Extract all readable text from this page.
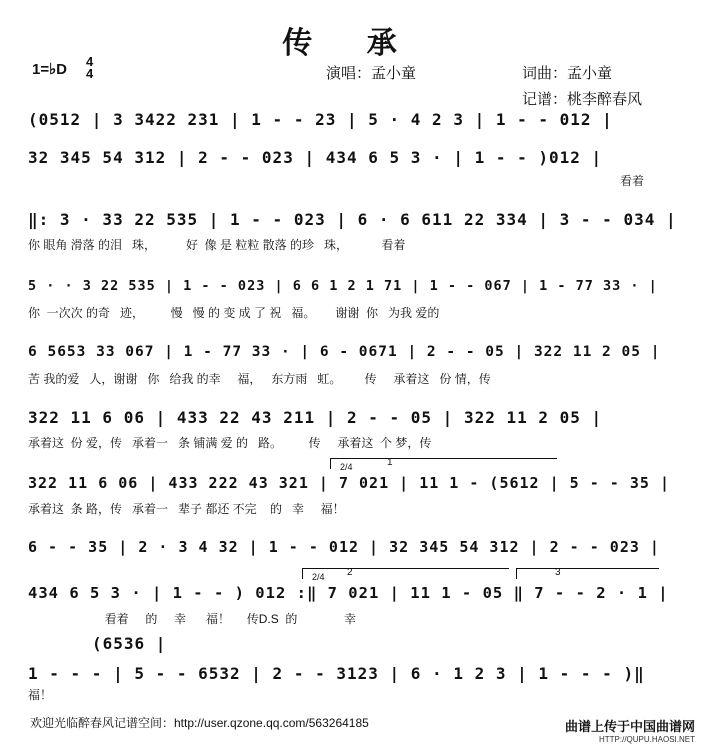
传 承
1=♭D 4
4	演唱：孟小童	词曲：孟小童
记谱：桃李醉春风
(0512 | 3 3422 231 | 1 - - 23 | 5 · 4 2 3 | 1 - - 012 |
32 345 54 312 | 2 - - 023 | 434 6 5 3 · | 1 - - )012 |
看着
‖: 3 · 33 22 535 | 1 - - 023 | 6 · 6 611 22 334 | 3 - - 034 |
你 眼角 滑落 的泪   珠，         好  像 是 粒粒 散落 的珍   珠，          看着
5 · · 3 22 535 | 1 - - 023 | 6 6 1 2 1 71 | 1 - - 067 | 1 - 77 33 · |
你  一次次 的奇   迹，        慢   慢 的 变 成 了 祝   福。      谢谢  你   为我 爱的
6 5653 33 067 | 1 - 77 33 · | 6 - 0671 | 2 - - 05 | 322 11 2 05 |
苦 我的爱   人，谢谢   你   给我 的幸     福，   东方雨   虹。       传     承着这   份 情，传
322 11 6 06 | 433 22 43 211 | 2 - - 05 | 322 11 2 05 |
承着这  份 爱，传   承着一   条 铺满 爱 的   路。        传     承着这  个 梦，传
1
2/4
322 11 6 06 | 433 222 43 321 | 7 021 | 11 1 - (5612 | 5 - - 35 |
承着这  条 路，传   承着一   辈子 都还 不完    的   幸     福！
6 - - 35 | 2 · 3 4 32 | 1 - - 012 | 32 345 54 312 | 2 - - 023 |
2
2/4	3
434 6 5 3 · | 1 - - ) 012 :‖ 7 021 | 11 1 - 05 ‖ 7 - - 2 · 1 |
看着     的     幸      福！     传D.S  的              幸
(6536 |
1 - - - | 5 - - 6532 | 2 - - 3123 | 6 · 1 2 3 | 1 - - - )‖
福！
欢迎光临醉春风记谱空间：http://user.qzone.qq.com/563264185	曲谱上传于中国曲谱网
HTTP://QUPU.HAOSI.NET
